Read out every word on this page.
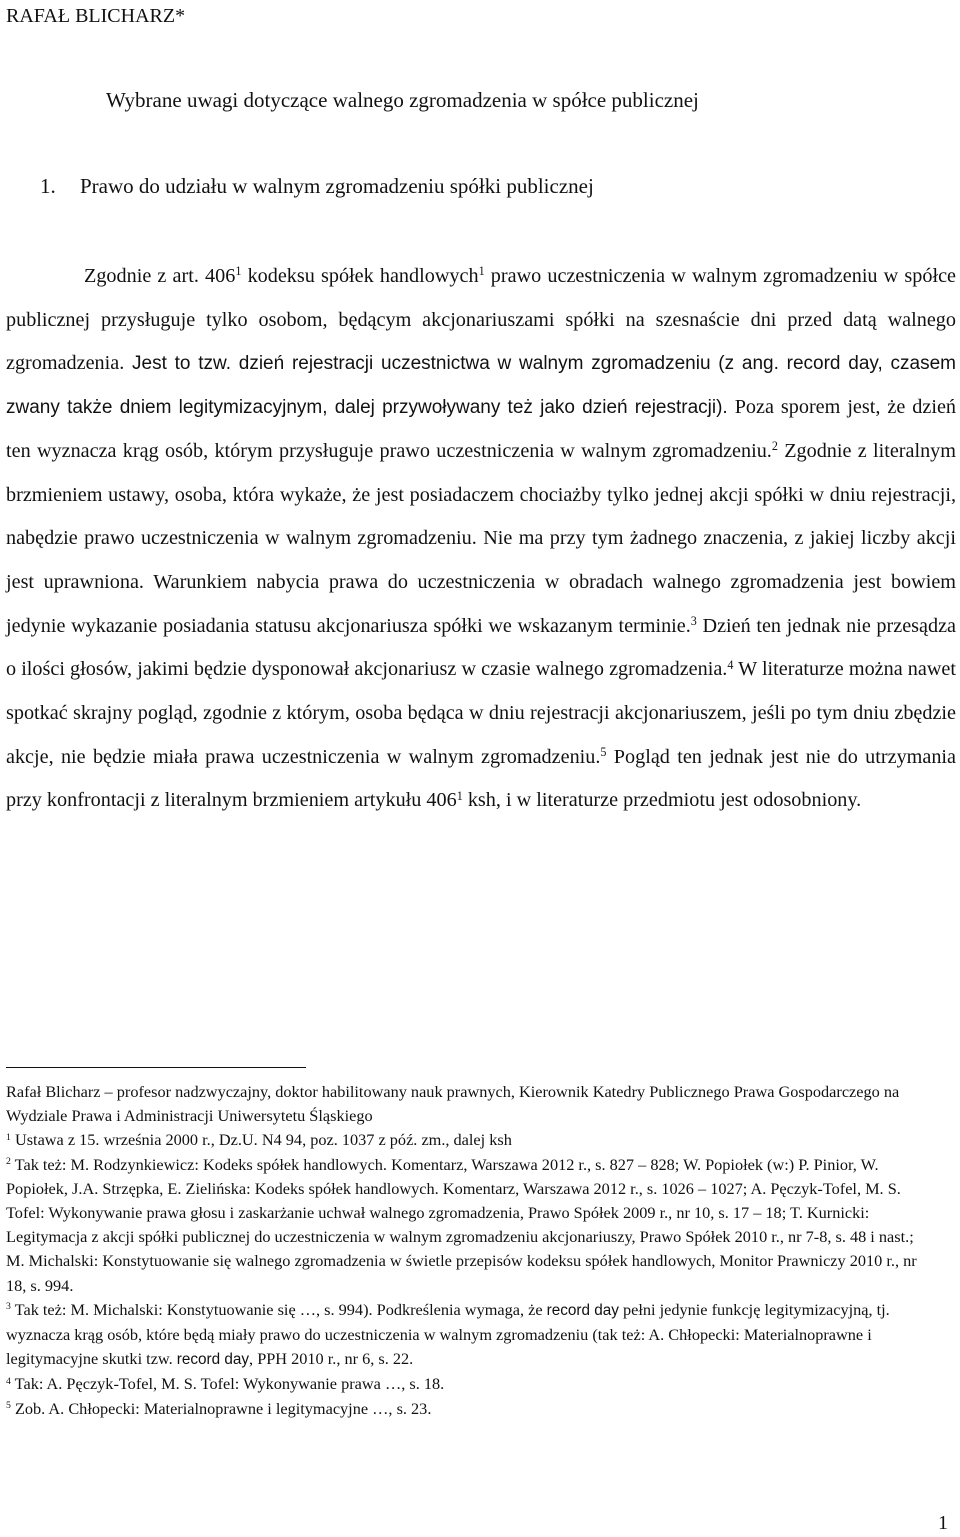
RAFAŁ BLICHARZ*
Wybrane uwagi dotyczące walnego zgromadzenia w spółce publicznej
1. Prawo do udziału w walnym zgromadzeniu spółki publicznej
Zgodnie z art. $406^1$ kodeksu spółek handlowych$^1$ prawo uczestniczenia w walnym zgromadzeniu w spółce publicznej przysługuje tylko osobom, będącym akcjonariuszami spółki na szesnaście dni przed datą walnego zgromadzenia. Jest to tzw. dzień rejestracji uczestnictwa w walnym zgromadzeniu (z ang. record day, czasem zwany także dniem legitymizacyjnym, dalej przywoływany też jako dzień rejestracji). Poza sporem jest, że dzień ten wyznacza krąg osób, którym przysługuje prawo uczestniczenia w walnym zgromadzeniu.$^2$ Zgodnie z literalnym brzmieniem ustawy, osoba, która wykaże, że jest posiadaczem chociażby tylko jednej akcji spółki w dniu rejestracji, nabędzie prawo uczestniczenia w walnym zgromadzeniu. Nie ma przy tym żadnego znaczenia, z jakiej liczby akcji jest uprawniona. Warunkiem nabycia prawa do uczestniczenia w obradach walnego zgromadzenia jest bowiem jedynie wykazanie posiadania statusu akcjonariusza spółki we wskazanym terminie.$^3$ Dzień ten jednak nie przesądza o ilości głosów, jakimi będzie dysponował akcjonariusz w czasie walnego zgromadzenia.$^4$ W literaturze można nawet spotkać skrajny pogląd, zgodnie z którym, osoba będąca w dniu rejestracji akcjonariuszem, jeśli po tym dniu zbędzie akcje, nie będzie miała prawa uczestniczenia w walnym zgromadzeniu.$^5$ Pogląd ten jednak jest nie do utrzymania przy konfrontacji z literalnym brzmieniem artykułu $406^1$ ksh, i w literaturze przedmiotu jest odosobniony.

Rafał Blicharz – profesor nadzwyczajny, doktor habilitowany nauk prawnych, Kierownik Katedry Publicznego Prawa Gospodarczego na Wydziale Prawa i Administracji Uniwersytetu Śląskiego

$^1$ Ustawa z 15. września 2000 r., Dz.U. N4 94, poz. 1037 z póź. zm., dalej ksh

$^2$ Tak też: M. Rodzynkiewicz: Kodeks spółek handlowych. Komentarz, Warszawa 2012 r., s. 827 – 828; W. Popiołek (w:) P. Pinior, W. Popiołek, J.A. Strzępka, E. Zielińska: Kodeks spółek handlowych. Komentarz, Warszawa 2012 r., s. 1026 – 1027; A. Pęczyk-Tofel, M. S. Tofel: Wykonywanie prawa głosu i zaskarżanie uchwał walnego zgromadzenia, Prawo Spółek 2009 r., nr 10, s. 17 – 18; T. Kurnicki: Legitymacja z akcji spółki publicznej do uczestniczenia w walnym zgromadzeniu akcjonariuszy, Prawo Spółek 2010 r., nr 7-8, s. 48 i nast.; M. Michalski: Konstytuowanie się walnego zgromadzenia w świetle przepisów kodeksu spółek handlowych, Monitor Prawniczy 2010 r., nr 18, s. 994.

$^3$ Tak też: M. Michalski: Konstytuowanie się …, s. 994). Podkreślenia wymaga, że record day pełni jedynie funkcję legitymizacyjną, tj. wyznacza krąg osób, które będą miały prawo do uczestniczenia w walnym zgromadzeniu (tak też: A. Chłopecki: Materialnoprawne i legitymacyjne skutki tzw. record day, PPH 2010 r., nr 6, s. 22.

$^4$ Tak: A. Pęczyk-Tofel, M. S. Tofel: Wykonywanie prawa …, s. 18.

$^5$ Zob. A. Chłopecki: Materialnoprawne i legitymacyjne …, s. 23.

1
